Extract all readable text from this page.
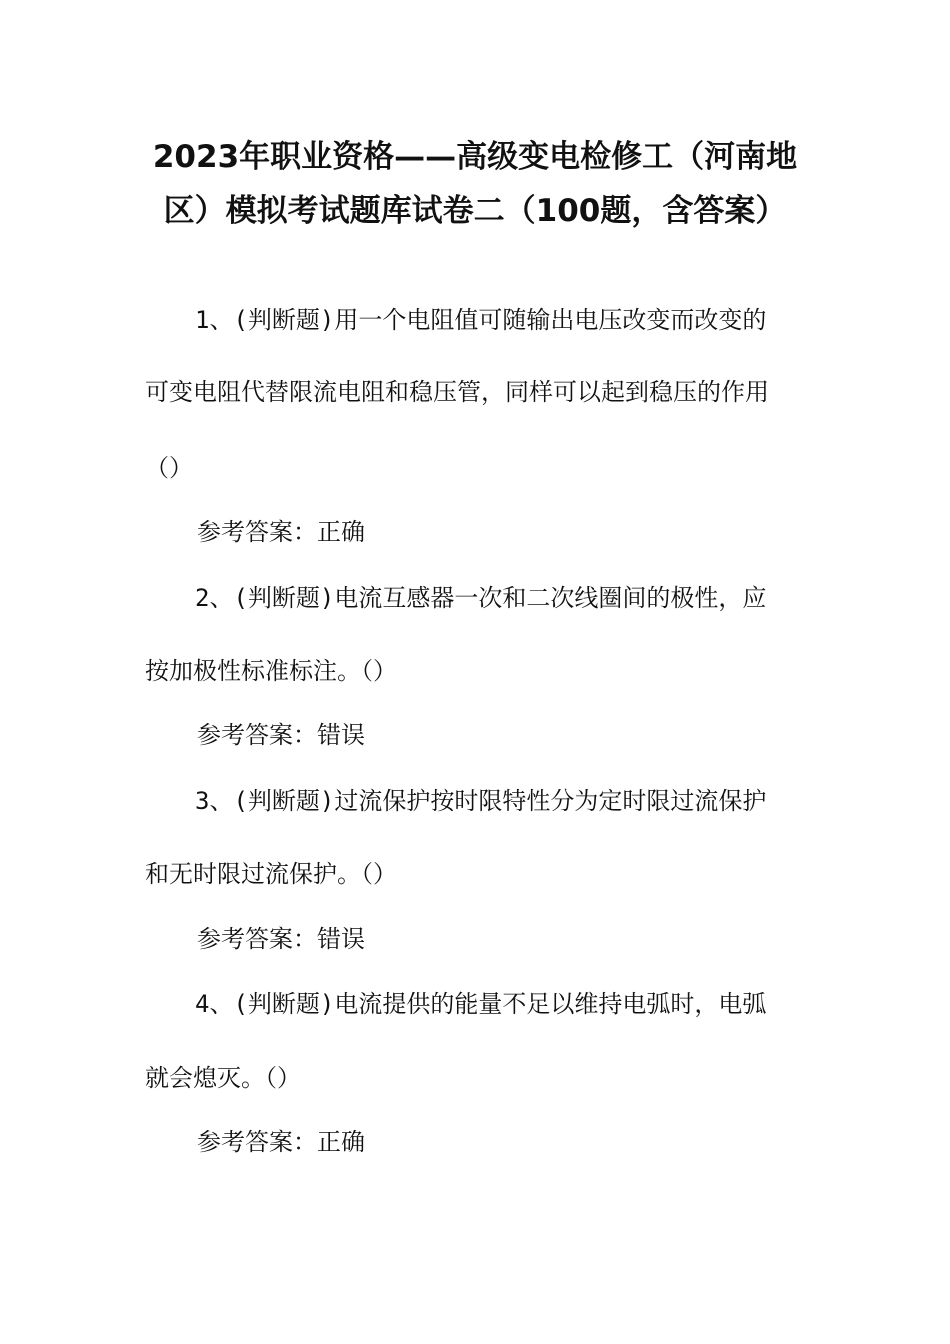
2023年职业资格——高级变电检修工（河南地
区）模拟考试题库试卷二（100题，含答案）
1、(判断题)用一个电阻值可随输出电压改变而改变的
可变电阻代替限流电阻和稳压管，同样可以起到稳压的作用
（）
参考答案：正确
2、(判断题)电流互感器一次和二次线圈间的极性，应
按加极性标准标注。（）
参考答案：错误
3、(判断题)过流保护按时限特性分为定时限过流保护
和无时限过流保护。（）
参考答案：错误
4、(判断题)电流提供的能量不足以维持电弧时，电弧
就会熄灭。（）
参考答案：正确
